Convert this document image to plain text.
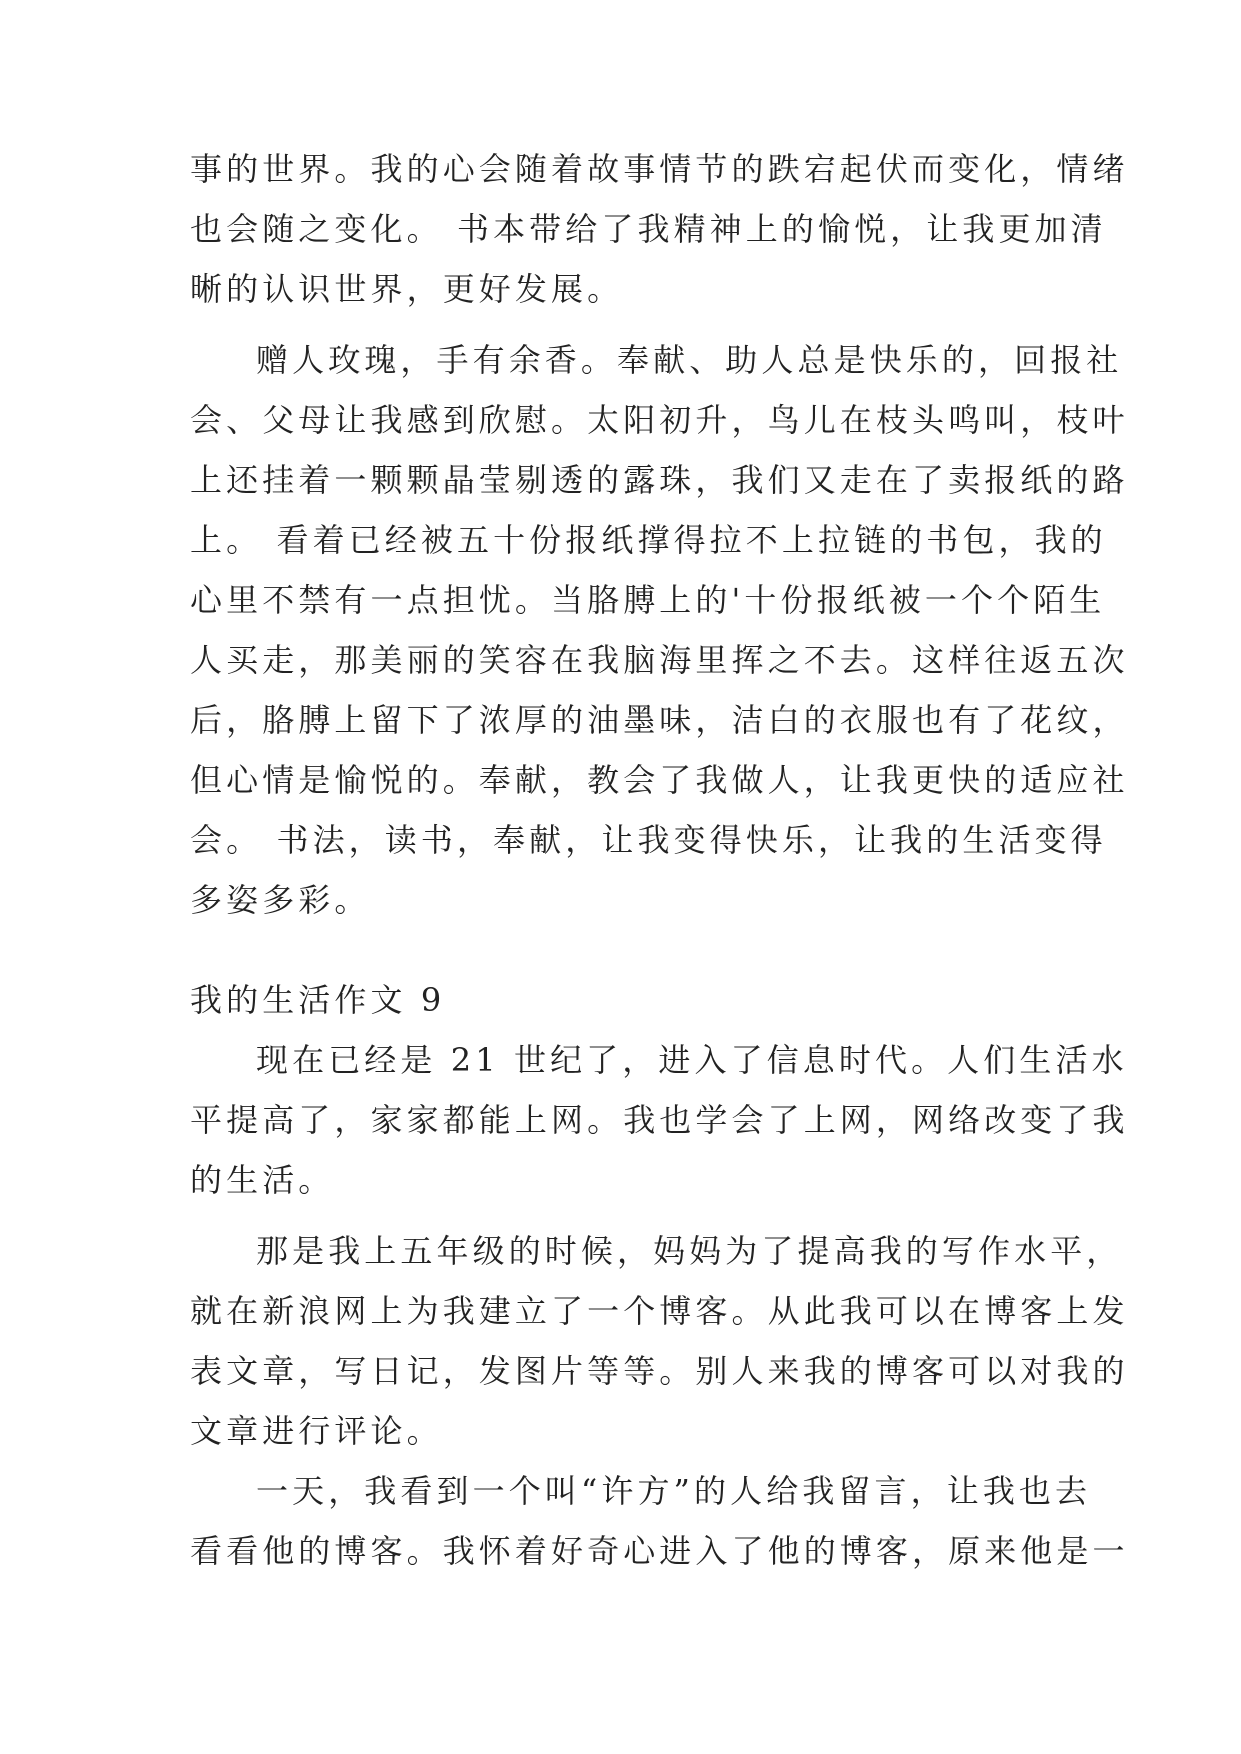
事的世界。我的心会随着故事情节的跌宕起伏而变化，情绪

也会随之变化。 书本带给了我精神上的愉悦，让我更加清

晰的认识世界，更好发展。

赠人玫瑰，手有余香。奉献、助人总是快乐的，回报社

会、父母让我感到欣慰。太阳初升，鸟儿在枝头鸣叫，枝叶

上还挂着一颗颗晶莹剔透的露珠，我们又走在了卖报纸的路

上。 看着已经被五十份报纸撑得拉不上拉链的书包，我的

心里不禁有一点担忧。当胳膊上的'十份报纸被一个个陌生

人买走，那美丽的笑容在我脑海里挥之不去。这样往返五次

后，胳膊上留下了浓厚的油墨味，洁白的衣服也有了花纹，

但心情是愉悦的。奉献，教会了我做人，让我更快的适应社

会。 书法，读书，奉献，让我变得快乐，让我的生活变得

多姿多彩。

我的生活作文 9

现在已经是 21 世纪了，进入了信息时代。人们生活水

平提高了，家家都能上网。我也学会了上网，网络改变了我

的生活。

那是我上五年级的时候，妈妈为了提高我的写作水平，

就在新浪网上为我建立了一个博客。从此我可以在博客上发

表文章，写日记，发图片等等。别人来我的博客可以对我的

文章进行评论。

一天，我看到一个叫“许方”的人给我留言，让我也去

看看他的博客。我怀着好奇心进入了他的博客，原来他是一
